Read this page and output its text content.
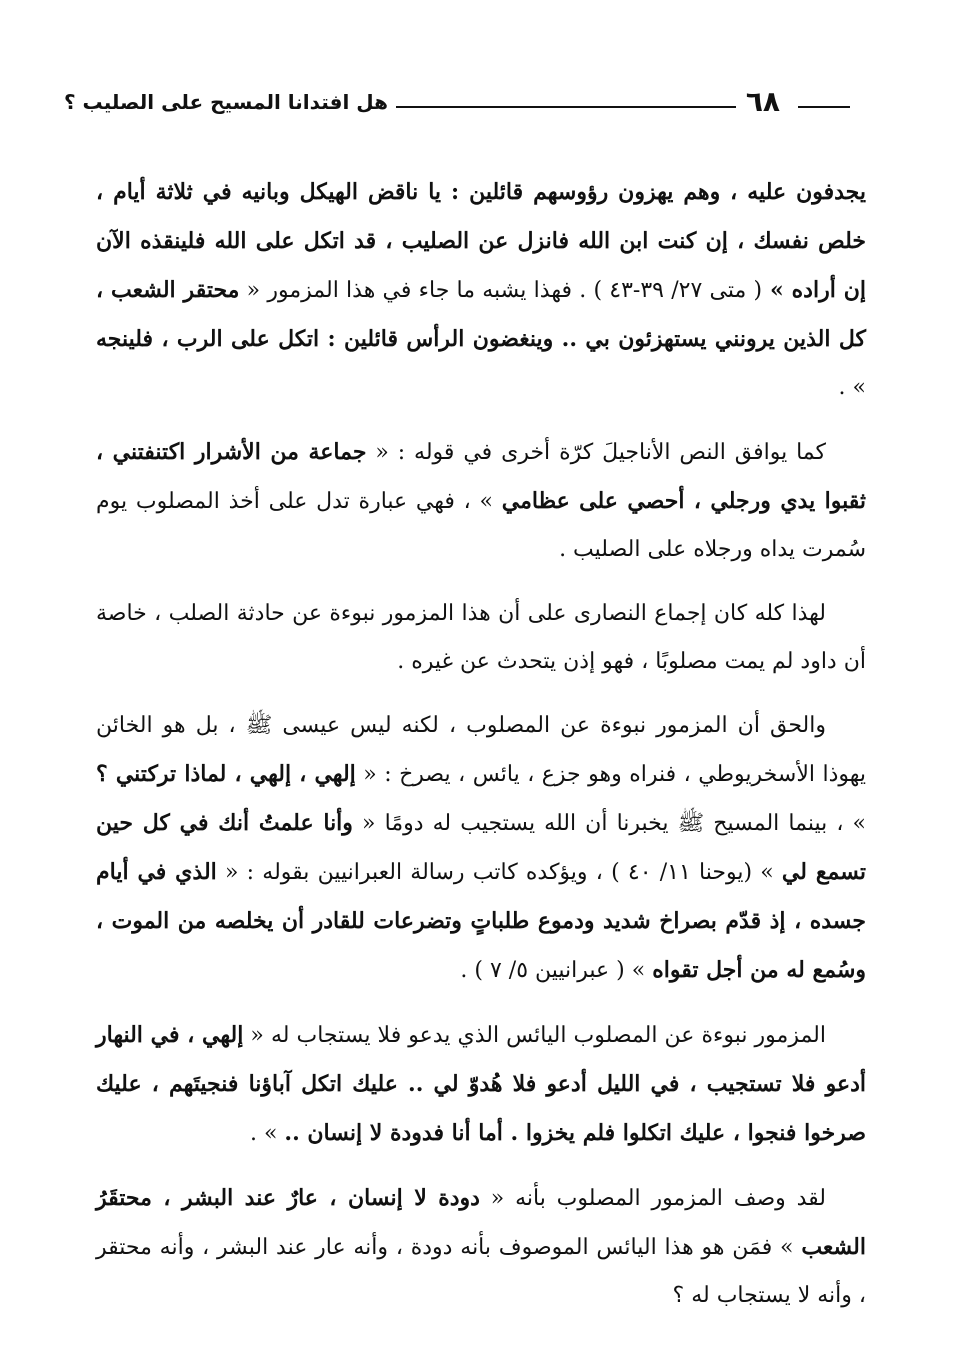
هل افتدانا المسيح على الصليب ؟	٦٨

يجدفون عليه ، وهم يهزون رؤوسهم قائلين : يا ناقض الهيكل وبانيه في ثلاثة أيام ، خلص نفسك ، إن كنت ابن الله فانزل عن الصليب ، قد اتكل على الله فلينقذه الآن إن أراده » ( متى ٢٧/ ٣٩-٤٣ ) . فهذا يشبه ما جاء في هذا المزمور « محتقر الشعب ، كل الذين يرونني يستهزئون بي .. وينغضون الرأس قائلين : اتكل على الرب ، فلينجه » .

كما يوافق النص الأناجيلَ كرّة أخرى في قوله : « جماعة من الأشرار اكتنفتني ، ثقبوا يدي ورجلي ، أحصي على عظامي » ، فهي عبارة تدل على أخذ المصلوب يوم سُمرت يداه ورجلاه على الصليب .

لهذا كله كان إجماع النصارى على أن هذا المزمور نبوءة عن حادثة الصلب ، خاصة أن داود لم يمت مصلوبًا ، فهو إذن يتحدث عن غيره .

والحق أن المزمور نبوءة عن المصلوب ، لكنه ليس عيسى ﷺ ، بل هو الخائن يهوذا الأسخريوطي ، فنراه وهو جزع ، يائس ، يصرخ : « إلهي ، إلهي ، لماذا تركتني ؟ » ، بينما المسيح ﷺ يخبرنا أن الله يستجيب له دومًا « وأنا علمتُ أنك في كل حين تسمع لي » (يوحنا ١١/ ٤٠ ) ، ويؤكده كاتب رسالة العبرانيين بقوله : « الذي في أيام جسده ، إذ قدّم بصراخ شديد ودموع طلباتٍ وتضرعات للقادر أن يخلصه من الموت ، وسُمع له من أجل تقواه » ( عبرانيين ٥/ ٧ ) .

المزمور نبوءة عن المصلوب اليائس الذي يدعو فلا يستجاب له « إلهي ، في النهار أدعو فلا تستجيب ، في الليل أدعو فلا هُدوّ لي .. عليك اتكل آباؤنا فنجيتَهم ، عليك صرخوا فنجوا ، عليك اتكلوا فلم يخزوا . أما أنا فدودة لا إنسان .. » .

لقد وصف المزمور المصلوب بأنه « دودة لا إنسان ، عارٌ عند البشر ، محتقَرُ الشعب » فمَن هو هذا اليائس الموصوف بأنه دودة ، وأنه عار عند البشر ، وأنه محتقر ، وأنه لا يستجاب له ؟
